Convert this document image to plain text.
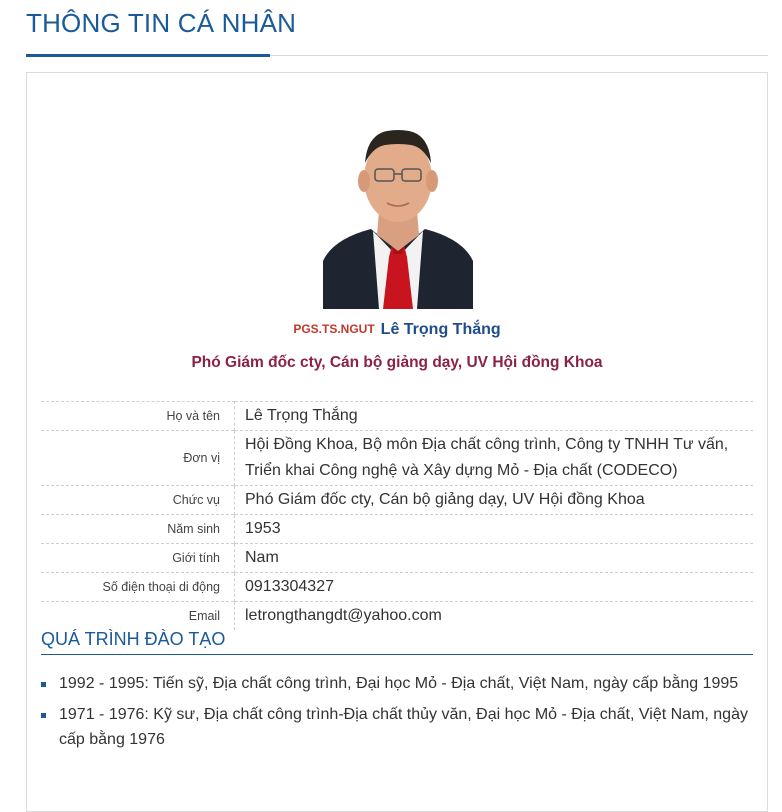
THÔNG TIN CÁ NHÂN
PGS.TS.NGUT Lê Trọng Thắng
Phó Giám đốc cty, Cán bộ giảng dạy, UV Hội đồng Khoa
Họ và tên	Lê Trọng Thắng
Đơn vị	Hội Đồng Khoa, Bộ môn Địa chất công trình, Công ty TNHH Tư vấn, Triển khai Công nghệ và Xây dựng Mỏ - Địa chất (CODECO)
Chức vụ	Phó Giám đốc cty, Cán bộ giảng dạy, UV Hội đồng Khoa
Năm sinh	1953
Giới tính	Nam
Số điện thoại di động	0913304327
Email	letrongthangdt@yahoo.com
QUÁ TRÌNH ĐÀO TẠO
1992 - 1995: Tiến sỹ, Địa chất công trình, Đại học Mỏ - Địa chất, Việt Nam, ngày cấp bằng 1995
1971 - 1976: Kỹ sư, Địa chất công trình-Địa chất thủy văn, Đại học Mỏ - Địa chất, Việt Nam, ngày cấp bằng 1976
